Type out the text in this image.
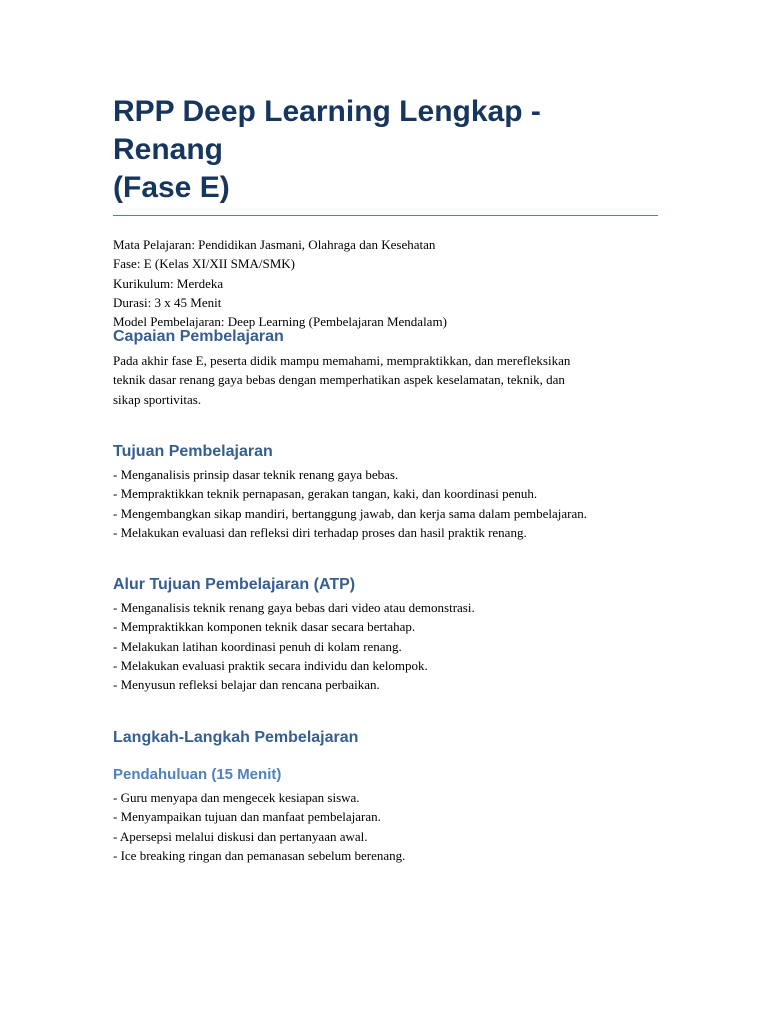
RPP Deep Learning Lengkap - Renang
(Fase E)
Mata Pelajaran: Pendidikan Jasmani, Olahraga dan Kesehatan
Fase: E (Kelas XI/XII SMA/SMK)
Kurikulum: Merdeka
Durasi: 3 x 45 Menit
Model Pembelajaran: Deep Learning (Pembelajaran Mendalam)
Capaian Pembelajaran

Pada akhir fase E, peserta didik mampu memahami, mempraktikkan, dan merefleksikan
teknik dasar renang gaya bebas dengan memperhatikan aspek keselamatan, teknik, dan
sikap sportivitas.

Tujuan Pembelajaran
- Menganalisis prinsip dasar teknik renang gaya bebas.
- Mempraktikkan teknik pernapasan, gerakan tangan, kaki, dan koordinasi penuh.
- Mengembangkan sikap mandiri, bertanggung jawab, dan kerja sama dalam pembelajaran.
- Melakukan evaluasi dan refleksi diri terhadap proses dan hasil praktik renang.
Alur Tujuan Pembelajaran (ATP)
- Menganalisis teknik renang gaya bebas dari video atau demonstrasi.
- Mempraktikkan komponen teknik dasar secara bertahap.
- Melakukan latihan koordinasi penuh di kolam renang.
- Melakukan evaluasi praktik secara individu dan kelompok.
- Menyusun refleksi belajar dan rencana perbaikan.
Langkah-Langkah Pembelajaran
Pendahuluan (15 Menit)
- Guru menyapa dan mengecek kesiapan siswa.
- Menyampaikan tujuan dan manfaat pembelajaran.
- Apersepsi melalui diskusi dan pertanyaan awal.
- Ice breaking ringan dan pemanasan sebelum berenang.
